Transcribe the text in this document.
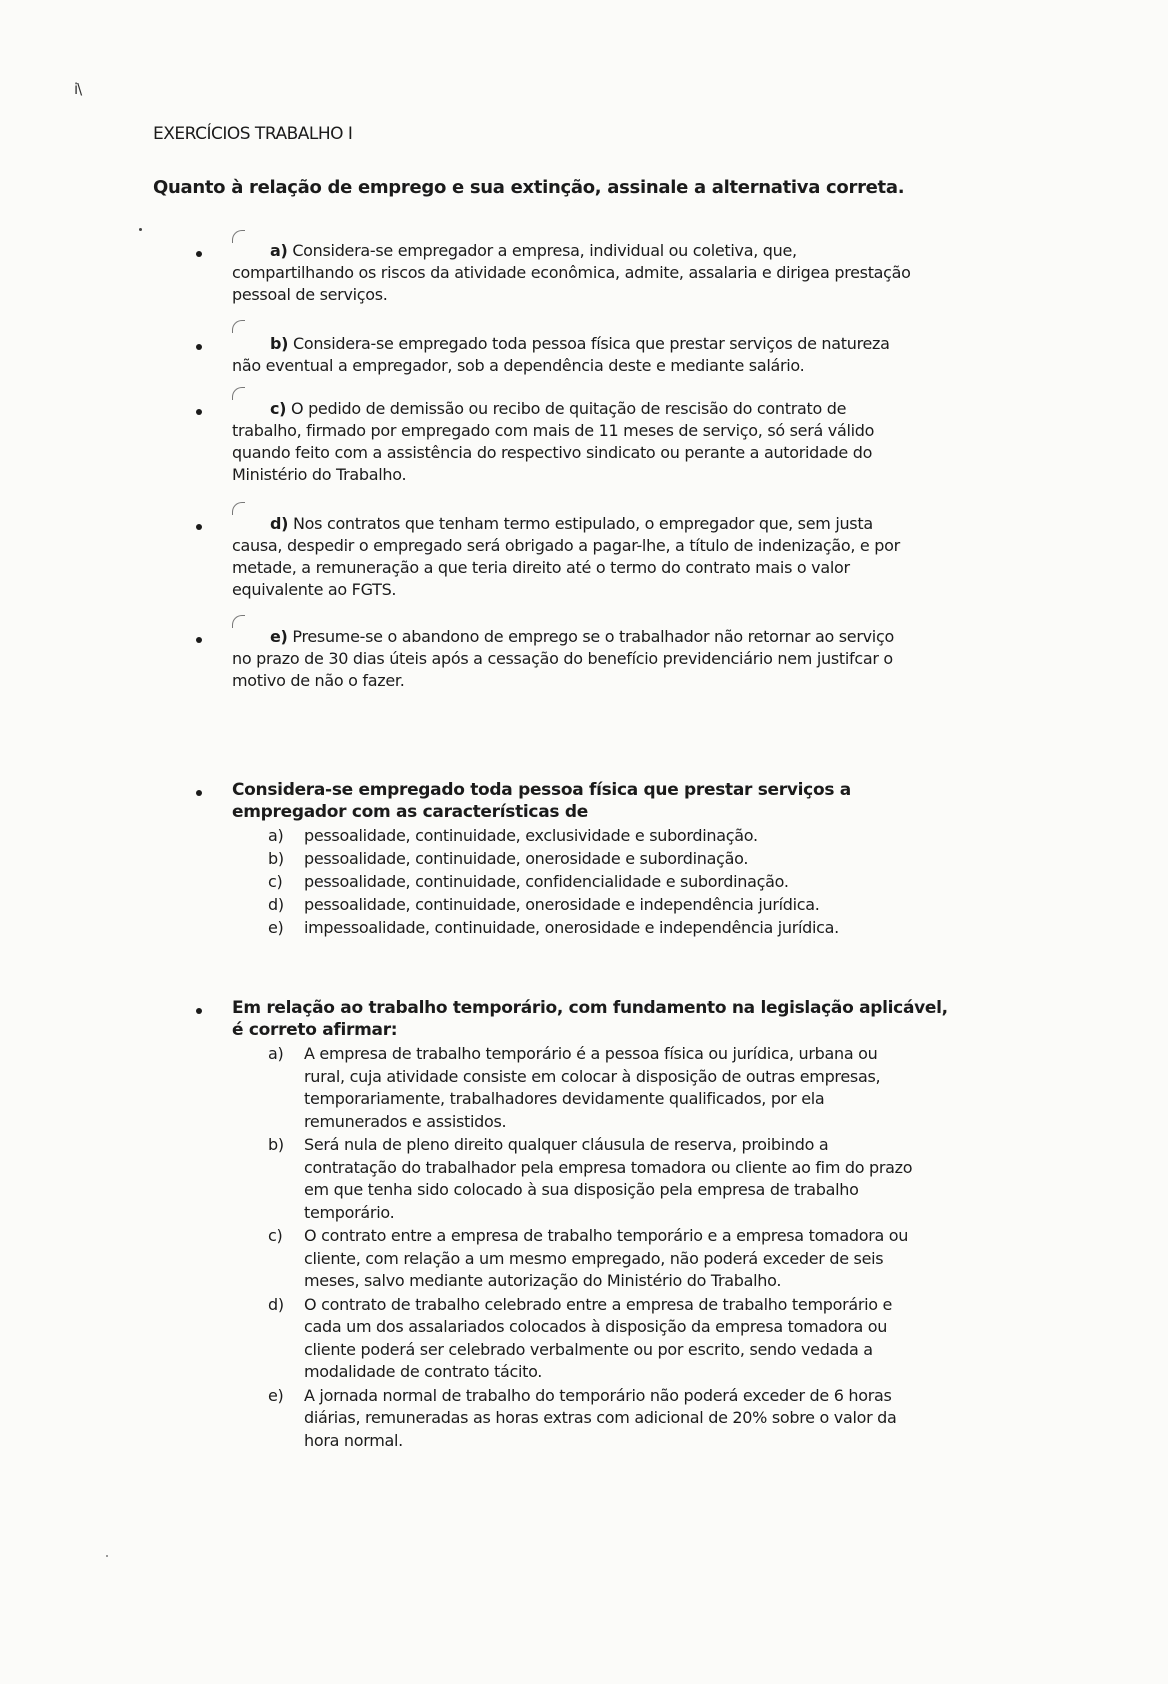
i\
EXERCÍCIOS TRABALHO I
Quanto à relação de emprego e sua extinção, assinale a alternativa correta.
a) Considera-se empregador a empresa, individual ou coletiva, que,
compartilhando os riscos da atividade econômica, admite, assalaria e dirigea prestação
pessoal de serviços.
b) Considera-se empregado toda pessoa física que prestar serviços de natureza
não eventual a empregador, sob a dependência deste e mediante salário.
c) O pedido de demissão ou recibo de quitação de rescisão do contrato de
trabalho, firmado por empregado com mais de 11 meses de serviço, só será válido
quando feito com a assistência do respectivo sindicato ou perante a autoridade do
Ministério do Trabalho.
d) Nos contratos que tenham termo estipulado, o empregador que, sem justa
causa, despedir o empregado será obrigado a pagar-lhe, a título de indenização, e por
metade, a remuneração a que teria direito até o termo do contrato mais o valor
equivalente ao FGTS.
e) Presume-se o abandono de emprego se o trabalhador não retornar ao serviço
no prazo de 30 dias úteis após a cessação do benefício previdenciário nem justifcar o
motivo de não o fazer.
Considera-se empregado toda pessoa física que prestar serviços a
empregador com as características de
a)	pessoalidade, continuidade, exclusividade e subordinação.
b)	pessoalidade, continuidade, onerosidade e subordinação.
c)	pessoalidade, continuidade, confidencialidade e subordinação.
d)	pessoalidade, continuidade, onerosidade e independência jurídica.
e)	impessoalidade, continuidade, onerosidade e independência jurídica.
Em relação ao trabalho temporário, com fundamento na legislação aplicável,
é correto afirmar:
a)	A empresa de trabalho temporário é a pessoa física ou jurídica, urbana ou
rural, cuja atividade consiste em colocar à disposição de outras empresas,
temporariamente, trabalhadores devidamente qualificados, por ela
remunerados e assistidos.
b)	Será nula de pleno direito qualquer cláusula de reserva, proibindo a
contratação do trabalhador pela empresa tomadora ou cliente ao fim do prazo
em que tenha sido colocado à sua disposição pela empresa de trabalho
temporário.
c)	O contrato entre a empresa de trabalho temporário e a empresa tomadora ou
cliente, com relação a um mesmo empregado, não poderá exceder de seis
meses, salvo mediante autorização do Ministério do Trabalho.
d)	O contrato de trabalho celebrado entre a empresa de trabalho temporário e
cada um dos assalariados colocados à disposição da empresa tomadora ou
cliente poderá ser celebrado verbalmente ou por escrito, sendo vedada a
modalidade de contrato tácito.
e)	A jornada normal de trabalho do temporário não poderá exceder de 6 horas
diárias, remuneradas as horas extras com adicional de 20% sobre o valor da
hora normal.
